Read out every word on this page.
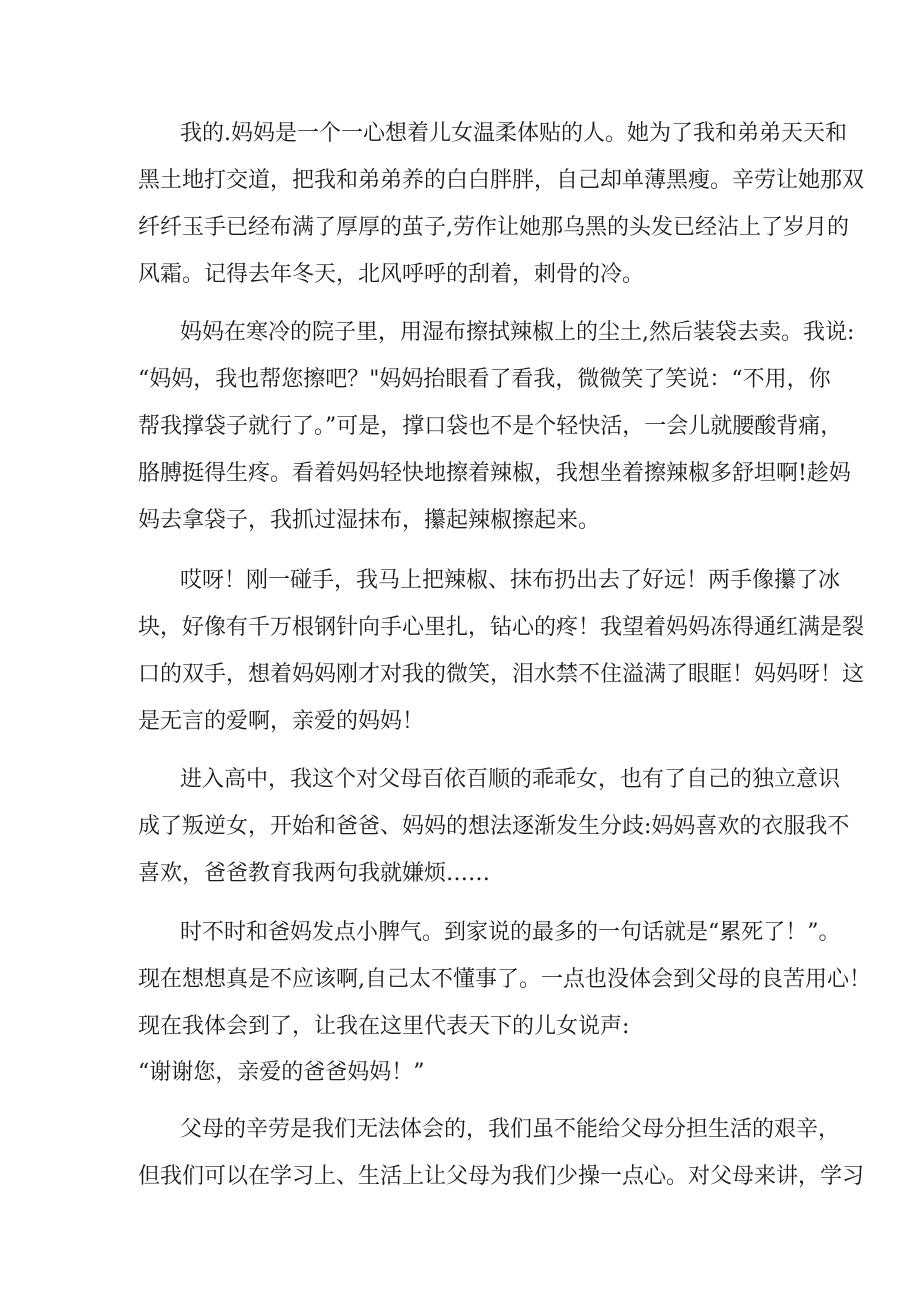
我的.妈妈是一个一心想着儿女温柔体贴的人。她为了我和弟弟天天和

黑土地打交道，把我和弟弟养的白白胖胖，自己却单薄黑瘦。辛劳让她那双

纤纤玉手已经布满了厚厚的茧子,劳作让她那乌黑的头发已经沾上了岁月的

风霜。记得去年冬天，北风呼呼的刮着，刺骨的冷。

妈妈在寒冷的院子里，用湿布擦拭辣椒上的尘土,然后装袋去卖。我说:

“妈妈，我也帮您擦吧？"妈妈抬眼看了看我，微微笑了笑说：“不用，你

帮我撑袋子就行了。”可是，撑口袋也不是个轻快活，一会儿就腰酸背痛，

胳膊挺得生疼。看着妈妈轻快地擦着辣椒，我想坐着擦辣椒多舒坦啊!趁妈

妈去拿袋子，我抓过湿抹布，攥起辣椒擦起来。

哎呀！刚一碰手，我马上把辣椒、抹布扔出去了好远！两手像攥了冰

块，好像有千万根钢针向手心里扎，钻心的疼！我望着妈妈冻得通红满是裂

口的双手，想着妈妈刚才对我的微笑，泪水禁不住溢满了眼眶！妈妈呀！这

是无言的爱啊，亲爱的妈妈！

进入高中，我这个对父母百依百顺的乖乖女，也有了自己的独立意识

成了叛逆女，开始和爸爸、妈妈的想法逐渐发生分歧:妈妈喜欢的衣服我不

喜欢，爸爸教育我两句我就嫌烦……

时不时和爸妈发点小脾气。到家说的最多的一句话就是“累死了！”。

现在想想真是不应该啊,自己太不懂事了。一点也没体会到父母的良苦用心！

现在我体会到了，让我在这里代表天下的儿女说声:

“谢谢您，亲爱的爸爸妈妈！”

父母的辛劳是我们无法体会的，我们虽不能给父母分担生活的艰辛，

但我们可以在学习上、生活上让父母为我们少操一点心。对父母来讲，学习
